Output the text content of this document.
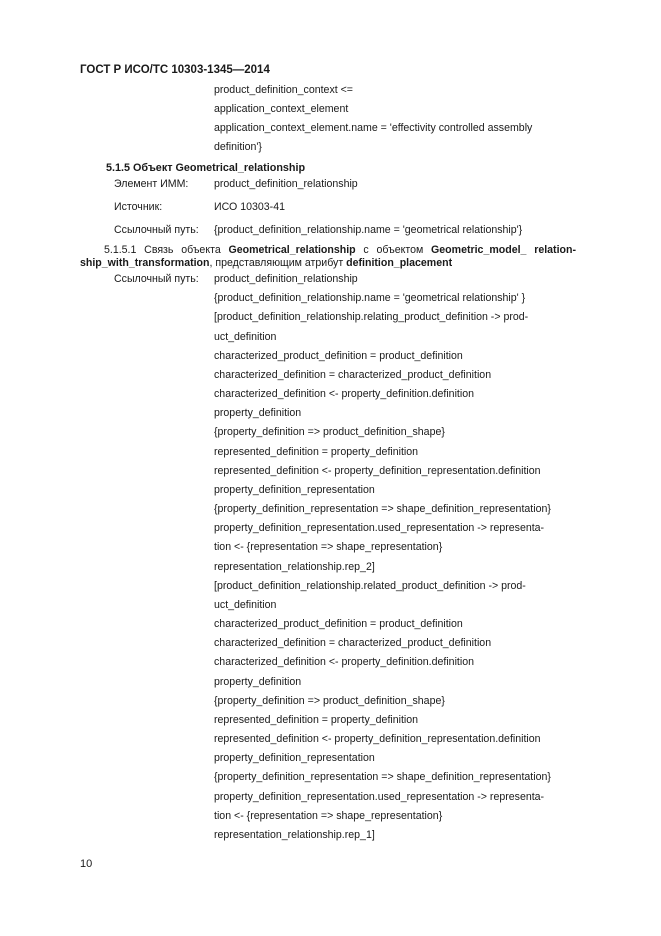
ГОСТ Р ИСО/ТС 10303-1345—2014
product_definition_context <=
application_context_element
application_context_element.name = 'effectivity controlled assembly
definition'}
5.1.5 Объект Geometrical_relationship
Элемент ИММ: product_definition_relationship
Источник:	ИСО 10303-41
Ссылочный путь: {product_definition_relationship.name = 'geometrical relationship'}
5.1.5.1 Связь объекта Geometrical_relationship с объектом Geometric_model_ relation-
ship_with_transformation, представляющим атрибут definition_placement
Ссылочный путь: product_definition_relationship
{product_definition_relationship.name = 'geometrical relationship' }
[product_definition_relationship.relating_product_definition -> prod-
uct_definition
characterized_product_definition = product_definition
characterized_definition = characterized_product_definition
characterized_definition <- property_definition.definition
property_definition
{property_definition => product_definition_shape}
represented_definition = property_definition
represented_definition <- property_definition_representation.definition
property_definition_representation
{property_definition_representation => shape_definition_representation}
property_definition_representation.used_representation -> representa-
tion <- {representation => shape_representation}
representation_relationship.rep_2]
[product_definition_relationship.related_product_definition -> prod-
uct_definition
characterized_product_definition = product_definition
characterized_definition = characterized_product_definition
characterized_definition <- property_definition.definition
property_definition
{property_definition => product_definition_shape}
represented_definition = property_definition
represented_definition <- property_definition_representation.definition
property_definition_representation
{property_definition_representation => shape_definition_representation}
property_definition_representation.used_representation -> representa-
tion <- {representation => shape_representation}
representation_relationship.rep_1]
10
